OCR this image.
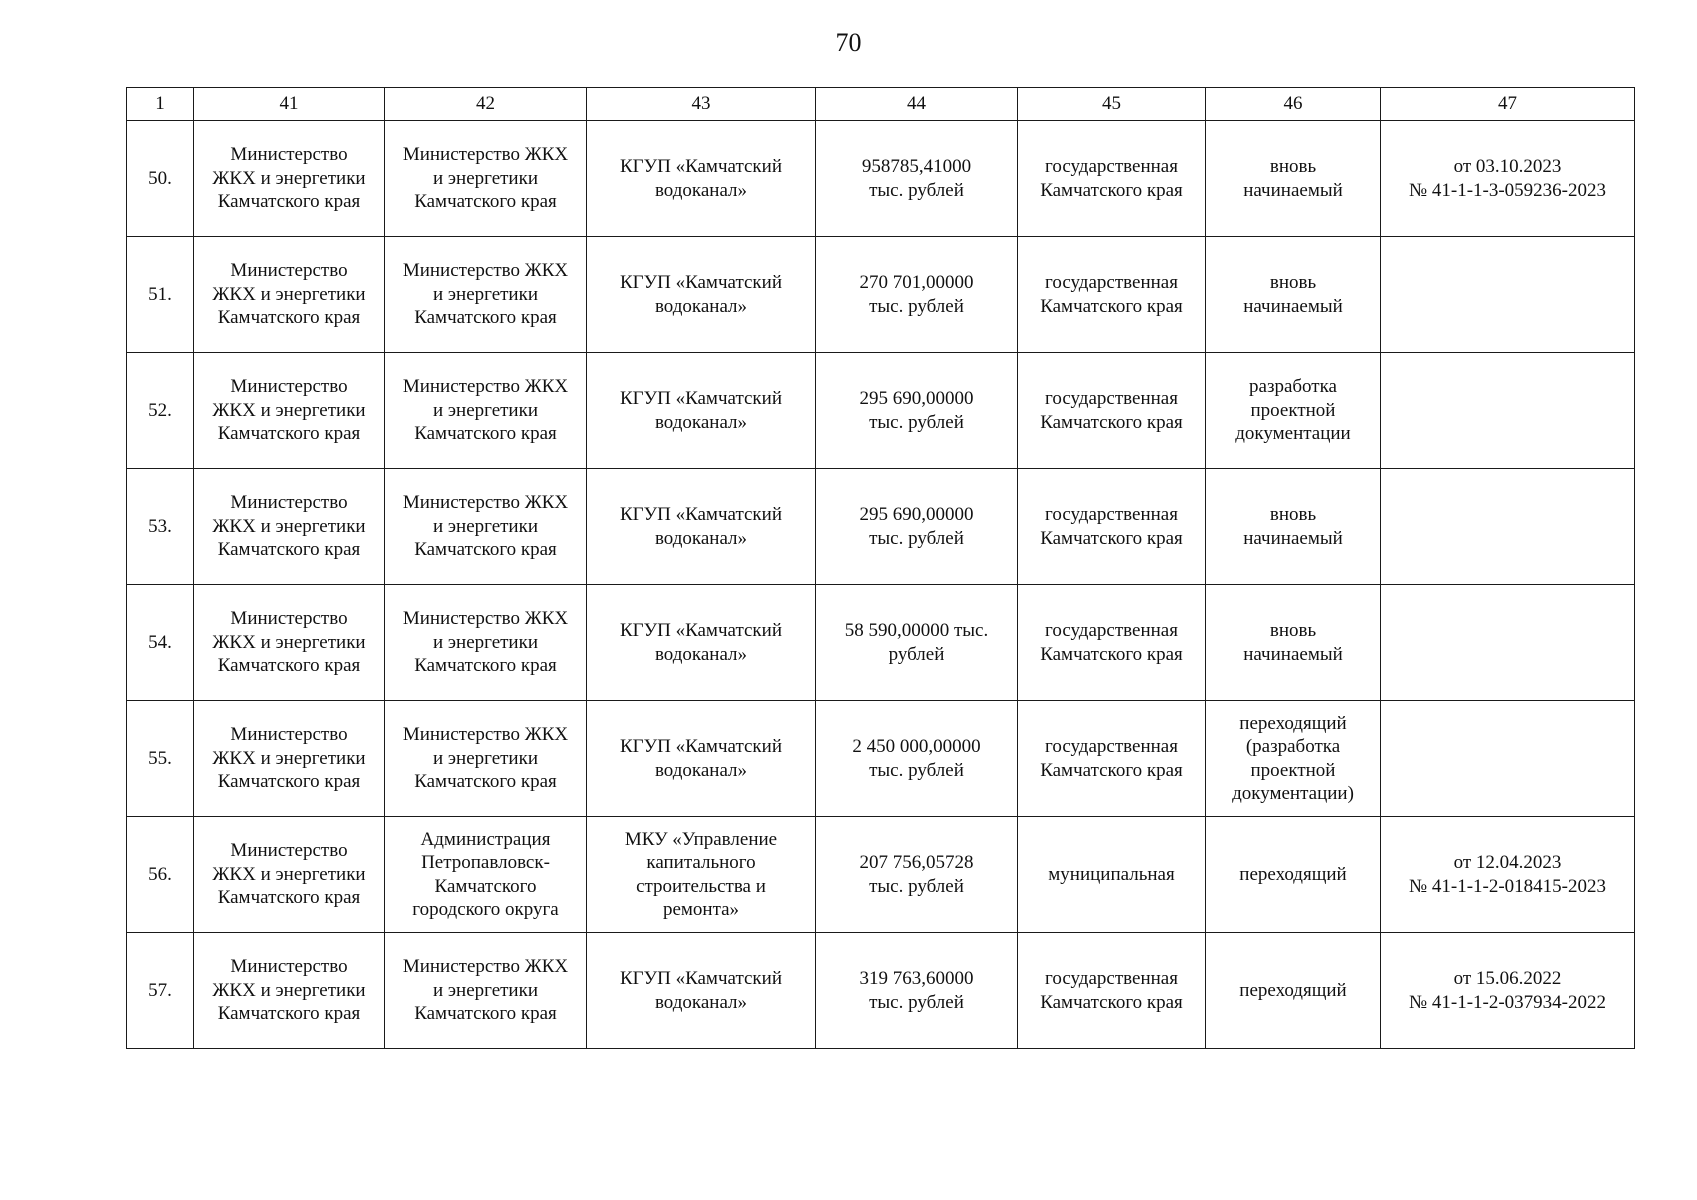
70
1	41	42	43	44	45	46	47
50.	Министерство
ЖКХ и энергетики
Камчатского края	Министерство ЖКХ
и энергетики
Камчатского края	КГУП «Камчатский
водоканал»	958785,41000
тыс. рублей	государственная
Камчатского края	вновь
начинаемый	от 03.10.2023
№ 41-1-1-3-059236-2023
51.	Министерство
ЖКХ и энергетики
Камчатского края	Министерство ЖКХ
и энергетики
Камчатского края	КГУП «Камчатский
водоканал»	270 701,00000
тыс. рублей	государственная
Камчатского края	вновь
начинаемый	
52.	Министерство
ЖКХ и энергетики
Камчатского края	Министерство ЖКХ
и энергетики
Камчатского края	КГУП «Камчатский
водоканал»	295 690,00000
тыс. рублей	государственная
Камчатского края	разработка
проектной
документации	
53.	Министерство
ЖКХ и энергетики
Камчатского края	Министерство ЖКХ
и энергетики
Камчатского края	КГУП «Камчатский
водоканал»	295 690,00000
тыс. рублей	государственная
Камчатского края	вновь
начинаемый	
54.	Министерство
ЖКХ и энергетики
Камчатского края	Министерство ЖКХ
и энергетики
Камчатского края	КГУП «Камчатский
водоканал»	58 590,00000 тыс.
рублей	государственная
Камчатского края	вновь
начинаемый	
55.	Министерство
ЖКХ и энергетики
Камчатского края	Министерство ЖКХ
и энергетики
Камчатского края	КГУП «Камчатский
водоканал»	2 450 000,00000
тыс. рублей	государственная
Камчатского края	переходящий
(разработка
проектной
документации)	
56.	Министерство
ЖКХ и энергетики
Камчатского края	Администрация
Петропавловск-
Камчатского
городского округа	МКУ «Управление
капитального
строительства и
ремонта»	207 756,05728
тыс. рублей	муниципальная	переходящий	от 12.04.2023
№ 41-1-1-2-018415-2023
57.	Министерство
ЖКХ и энергетики
Камчатского края	Министерство ЖКХ
и энергетики
Камчатского края	КГУП «Камчатский
водоканал»	319 763,60000
тыс. рублей	государственная
Камчатского края	переходящий	от 15.06.2022
№ 41-1-1-2-037934-2022
